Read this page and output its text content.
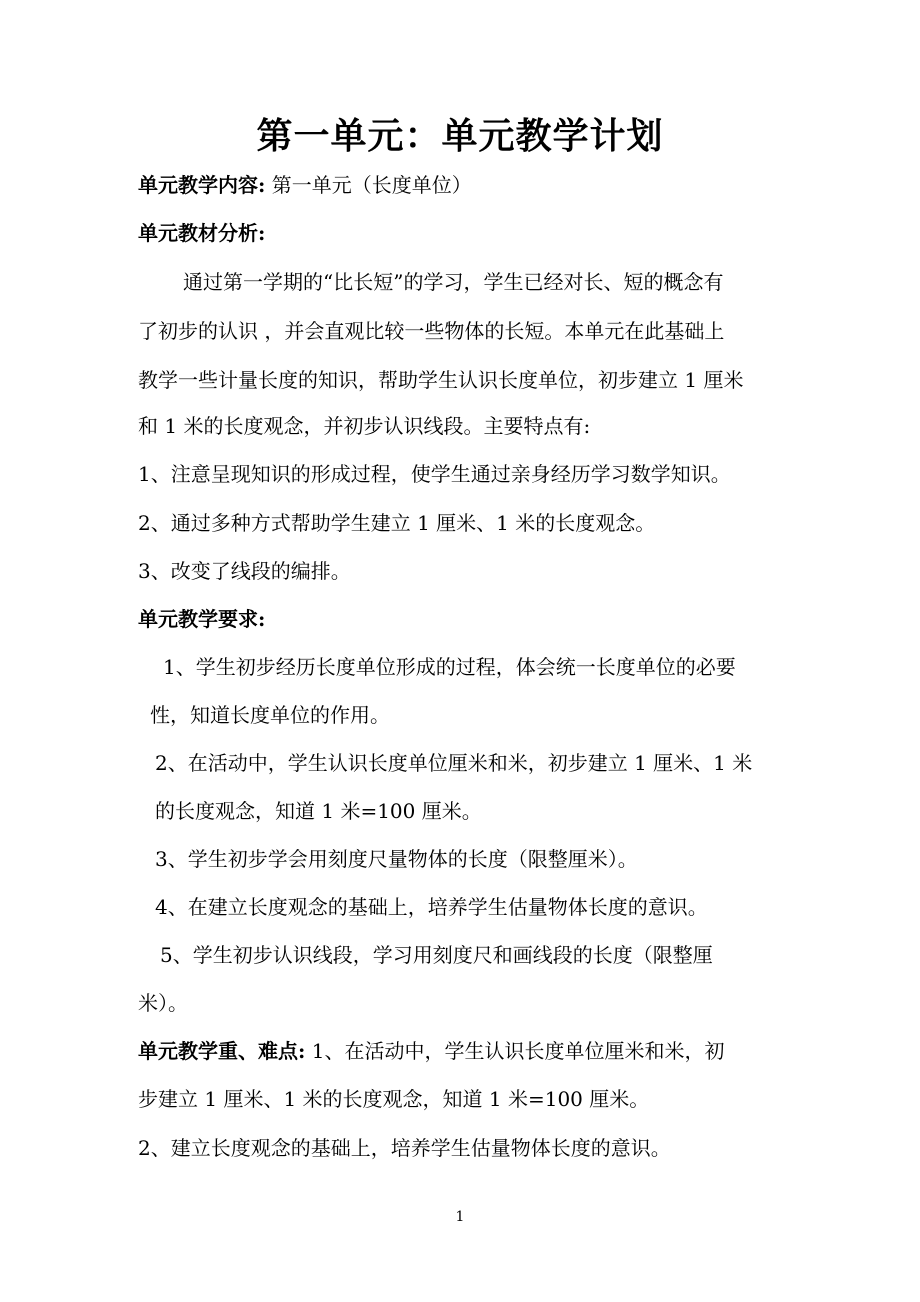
第一单元：单元教学计划
单元教学内容: 第一单元（长度单位）
单元教材分析:
通过第一学期的“比长短”的学习，学生已经对长、短的概念有
了初步的认识 ，并会直观比较一些物体的长短。本单元在此基础上
教学一些计量长度的知识，帮助学生认识长度单位，初步建立 1 厘米
和 1 米的长度观念，并初步认识线段。主要特点有:
1、注意呈现知识的形成过程，使学生通过亲身经历学习数学知识。
2、通过多种方式帮助学生建立 1 厘米、1 米的长度观念。
3、改变了线段的编排。
单元教学要求:
1、学生初步经历长度单位形成的过程，体会统一长度单位的必要
性，知道长度单位的作用。
2、在活动中，学生认识长度单位厘米和米，初步建立 1 厘米、1 米
的长度观念，知道 1 米=100 厘米。
3、学生初步学会用刻度尺量物体的长度（限整厘米）。
4、在建立长度观念的基础上，培养学生估量物体长度的意识。
5、学生初步认识线段，学习用刻度尺和画线段的长度（限整厘
米）。
单元教学重、难点: 1、在活动中，学生认识长度单位厘米和米，初
步建立 1 厘米、1 米的长度观念，知道 1 米=100 厘米。
2、建立长度观念的基础上，培养学生估量物体长度的意识。
1
